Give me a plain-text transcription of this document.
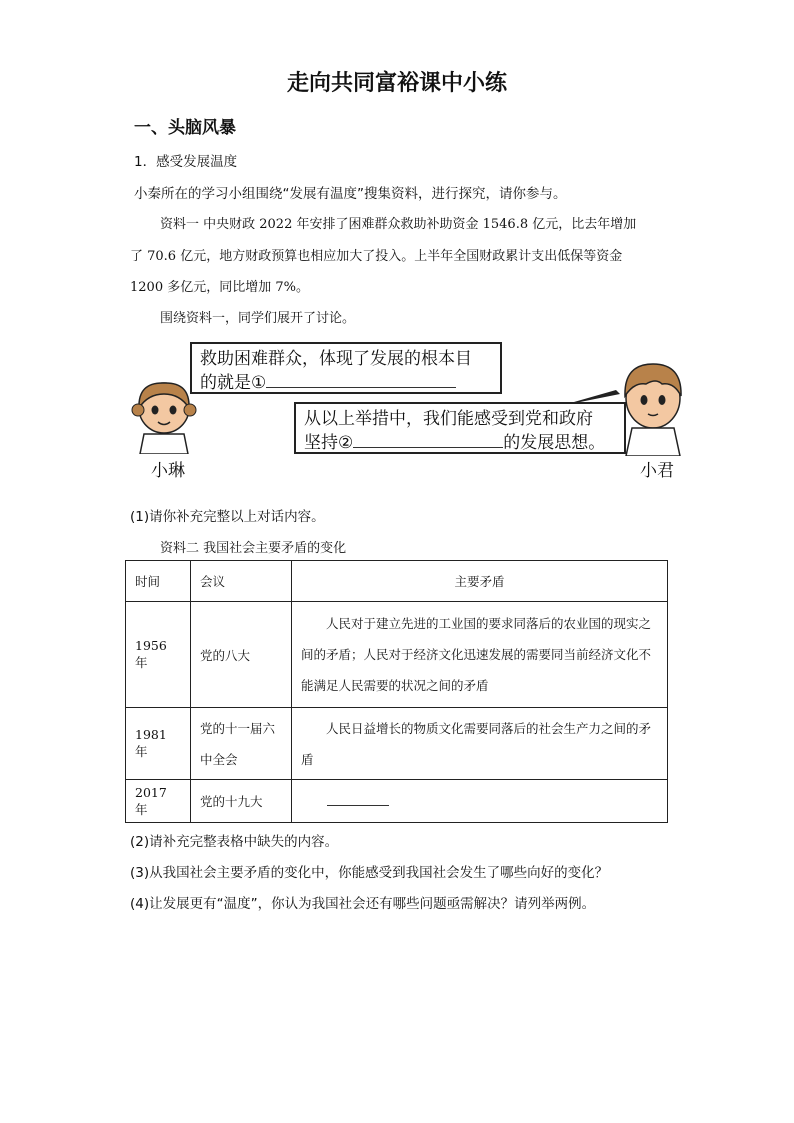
走向共同富裕课中小练
一、头脑风暴
1．感受发展温度
小秦所在的学习小组围绕“发展有温度”搜集资料，进行探究，请你参与。
资料一 中央财政 2022 年安排了困难群众救助补助资金 1546.8 亿元，比去年增加
了 70.6 亿元，地方财政预算也相应加大了投入。上半年全国财政累计支出低保等资金
1200 多亿元，同比增加 7%。
围绕资料一，同学们展开了讨论。
救助困难群众，体现了发展的根本目
的就是①
从以上举措中，我们能感受到党和政府
坚持②	的发展思想。
小琳	小君
(1)请你补充完整以上对话内容。
资料二 我国社会主要矛盾的变化
时间	会议	主要矛盾
1956 年	党的八大	人民对于建立先进的工业国的要求同落后的农业国的现实之间的矛盾；人民对于经济文化迅速发展的需要同当前经济文化不能满足人民需要的状况之间的矛盾
1981 年	党的十一届六中全会	人民日益增长的物质文化需要同落后的社会生产力之间的矛盾
2017 年	党的十九大	
(2)请补充完整表格中缺失的内容。
(3)从我国社会主要矛盾的变化中，你能感受到我国社会发生了哪些向好的变化？
(4)让发展更有“温度”，你认为我国社会还有哪些问题亟需解决？请列举两例。
